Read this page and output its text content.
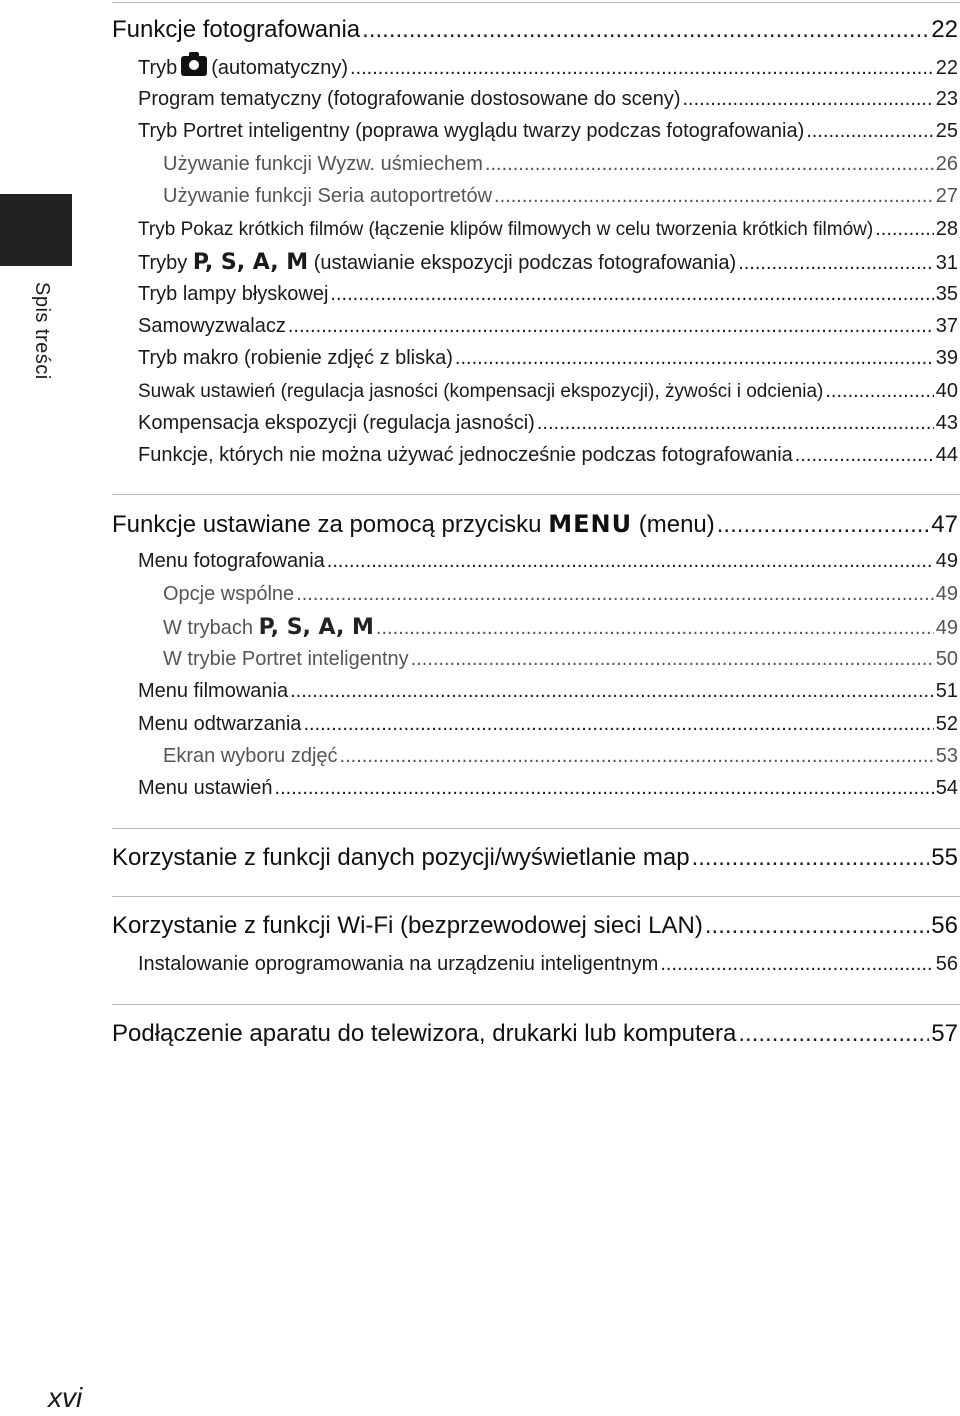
Spis treści
Funkcje fotografowania .....	22
Tryb (automatyczny) .....	22
Program tematyczny (fotografowanie dostosowane do sceny) .....	23
Tryb Portret inteligentny (poprawa wyglądu twarzy podczas fotografowania) .....	25
Używanie funkcji Wyzw. uśmiechem .....	26
Używanie funkcji Seria autoportretów .....	27
Tryb Pokaz krótkich filmów (łączenie klipów filmowych w celu tworzenia krótkich filmów) .....	28
Tryby P, S, A, M (ustawianie ekspozycji podczas fotografowania) .....	31
Tryb lampy błyskowej .....	35
Samowyzwalacz .....	37
Tryb makro (robienie zdjęć z bliska) .....	39
Suwak ustawień (regulacja jasności (kompensacji ekspozycji), żywości i odcienia) .....	40
Kompensacja ekspozycji (regulacja jasności) .....	43
Funkcje, których nie można używać jednocześnie podczas fotografowania .....	44
Funkcje ustawiane za pomocą przycisku MENU (menu) .....	47
Menu fotografowania .....	49
Opcje wspólne .....	49
W trybach P, S, A, M .....	49
W trybie Portret inteligentny .....	50
Menu filmowania .....	51
Menu odtwarzania .....	52
Ekran wyboru zdjęć .....	53
Menu ustawień .....	54
Korzystanie z funkcji danych pozycji/wyświetlanie map .....	55
Korzystanie z funkcji Wi-Fi (bezprzewodowej sieci LAN) .....	56
Instalowanie oprogramowania na urządzeniu inteligentnym .....	56
Podłączenie aparatu do telewizora, drukarki lub komputera .....	57
xvi
